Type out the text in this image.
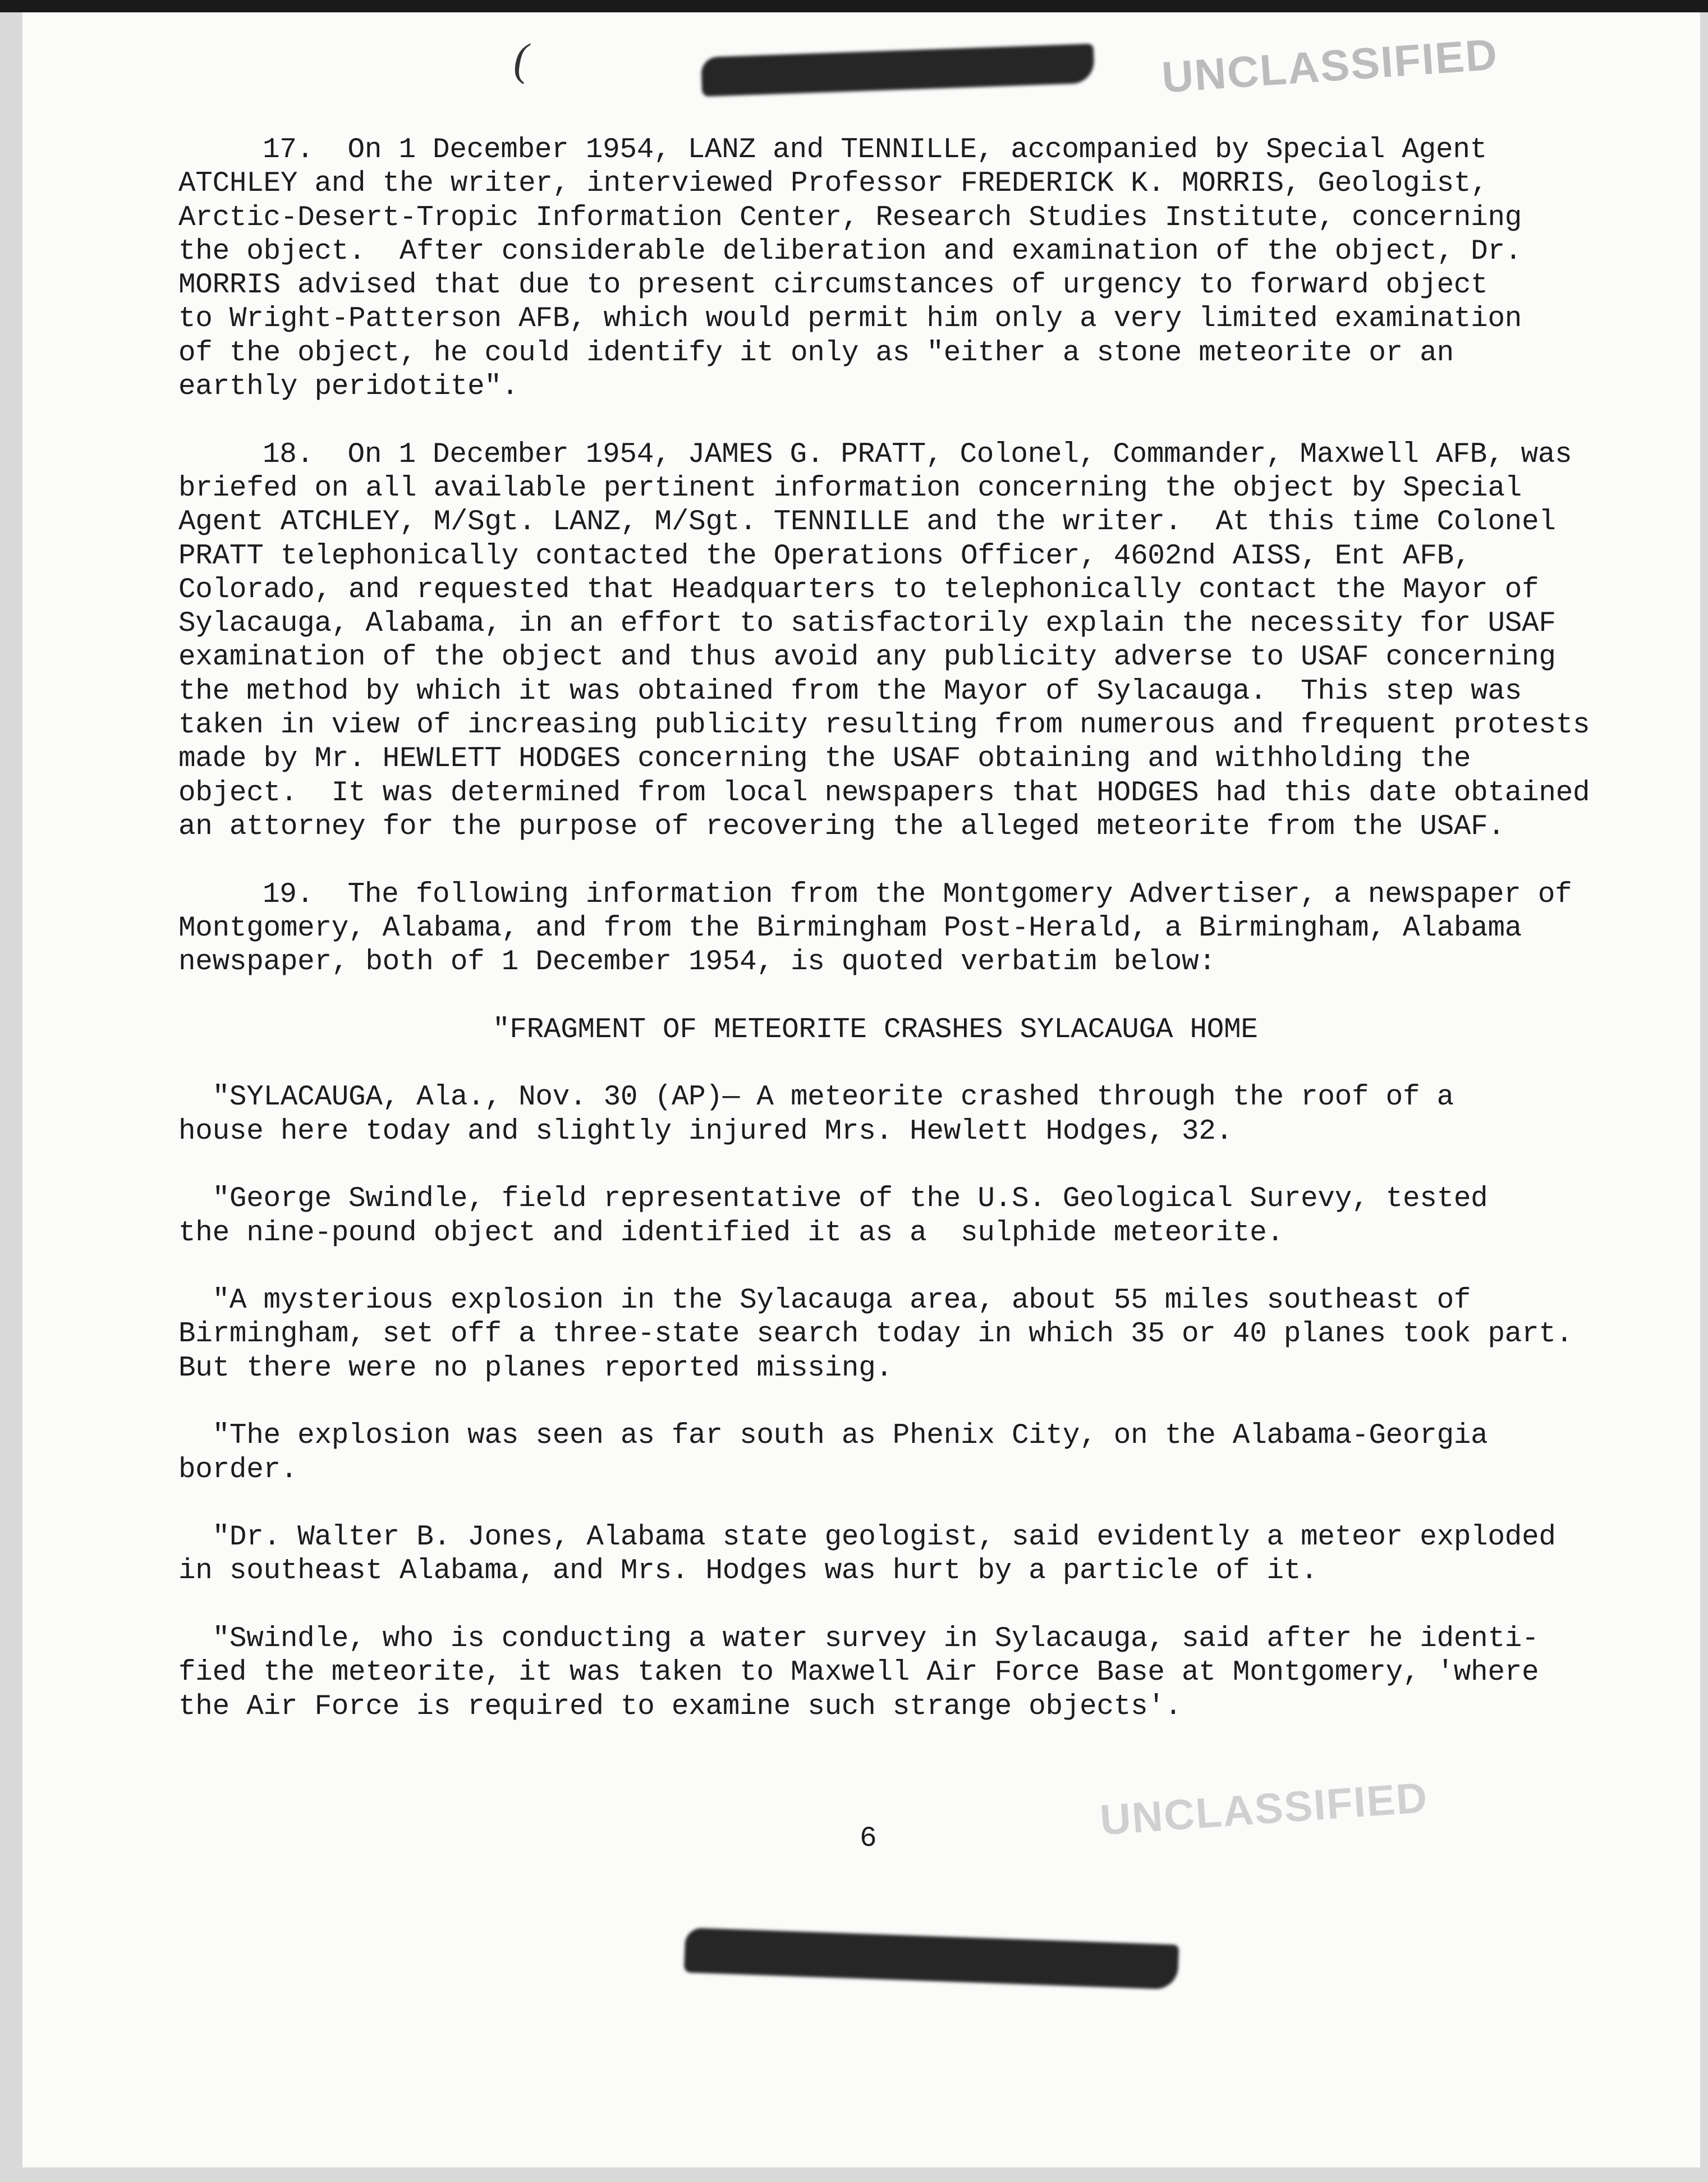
(	UNCLASSIFIED
17.  On 1 December 1954, LANZ and TENNILLE, accompanied by Special Agent
ATCHLEY and the writer, interviewed Professor FREDERICK K. MORRIS, Geologist,
Arctic-Desert-Tropic Information Center, Research Studies Institute, concerning
the object.  After considerable deliberation and examination of the object, Dr.
MORRIS advised that due to present circumstances of urgency to forward object
to Wright-Patterson AFB, which would permit him only a very limited examination
of the object, he could identify it only as "either a stone meteorite or an
earthly peridotite".
18.  On 1 December 1954, JAMES G. PRATT, Colonel, Commander, Maxwell AFB, was
briefed on all available pertinent information concerning the object by Special
Agent ATCHLEY, M/Sgt. LANZ, M/Sgt. TENNILLE and the writer.  At this time Colonel
PRATT telephonically contacted the Operations Officer, 4602nd AISS, Ent AFB,
Colorado, and requested that Headquarters to telephonically contact the Mayor of
Sylacauga, Alabama, in an effort to satisfactorily explain the necessity for USAF
examination of the object and thus avoid any publicity adverse to USAF concerning
the method by which it was obtained from the Mayor of Sylacauga.  This step was
taken in view of increasing publicity resulting from numerous and frequent protests
made by Mr. HEWLETT HODGES concerning the USAF obtaining and withholding the
object.  It was determined from local newspapers that HODGES had this date obtained
an attorney for the purpose of recovering the alleged meteorite from the USAF.
19.  The following information from the Montgomery Advertiser, a newspaper of
Montgomery, Alabama, and from the Birmingham Post-Herald, a Birmingham, Alabama
newspaper, both of 1 December 1954, is quoted verbatim below:
"FRAGMENT OF METEORITE CRASHES SYLACAUGA HOME
"SYLACAUGA, Ala., Nov. 30 (AP)— A meteorite crashed through the roof of a
house here today and slightly injured Mrs. Hewlett Hodges, 32.
"George Swindle, field representative of the U.S. Geological Surevy, tested
the nine-pound object and identified it as a  sulphide meteorite.
"A mysterious explosion in the Sylacauga area, about 55 miles southeast of
Birmingham, set off a three-state search today in which 35 or 40 planes took part.
But there were no planes reported missing.
"The explosion was seen as far south as Phenix City, on the Alabama-Georgia
border.
"Dr. Walter B. Jones, Alabama state geologist, said evidently a meteor exploded
in southeast Alabama, and Mrs. Hodges was hurt by a particle of it.
"Swindle, who is conducting a water survey in Sylacauga, said after he identi-
fied the meteorite, it was taken to Maxwell Air Force Base at Montgomery, 'where
the Air Force is required to examine such strange objects'.
UNCLASSIFIED
6
